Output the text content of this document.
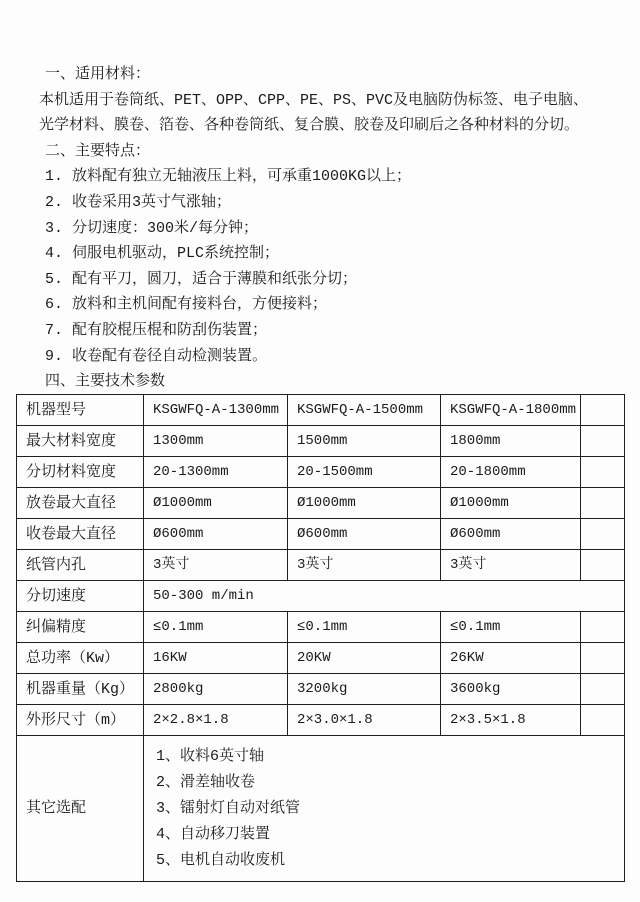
一、适用材料：
本机适用于卷筒纸、PET、OPP、CPP、PE、PS、PVC及电脑防伪标签、电子电脑、
光学材料、膜卷、箔卷、各种卷筒纸、复合膜、胶卷及印刷后之各种材料的分切。
二、主要特点：
1. 放料配有独立无轴液压上料，可承重1000KG以上；
2. 收卷采用3英寸气涨轴；
3. 分切速度：300米/每分钟；
4. 伺服电机驱动，PLC系统控制；
5. 配有平刀，圆刀，适合于薄膜和纸张分切；
6. 放料和主机间配有接料台，方便接料；
7. 配有胶棍压棍和防刮伤装置；
9. 收卷配有卷径自动检测装置。
四、主要技术参数
机器型号	KSGWFQ-A-1300mm	KSGWFQ-A-1500mm	KSGWFQ-A-1800mm	
最大材料宽度	1300mm	1500mm	1800mm	
分切材料宽度	20-1300mm	20-1500mm	20-1800mm	
放卷最大直径	Ø1000mm	Ø1000mm	Ø1000mm	
收卷最大直径	Ø600mm	Ø600mm	Ø600mm	
纸管内孔	3英寸	3英寸	3英寸	
分切速度	50-300 m/min			
纠偏精度	≤0.1mm	≤0.1mm	≤0.1mm	
总功率（Kw）	16KW	20KW	26KW	
机器重量（Kg）	2800kg	3200kg	3600kg	
外形尺寸（m）	2×2.8×1.8	2×3.0×1.8	2×3.5×1.8	
其它选配	1、收料6英寸轴
2、滑差轴收卷
3、镭射灯自动对纸管
4、自动移刀装置
5、电机自动收废机			
